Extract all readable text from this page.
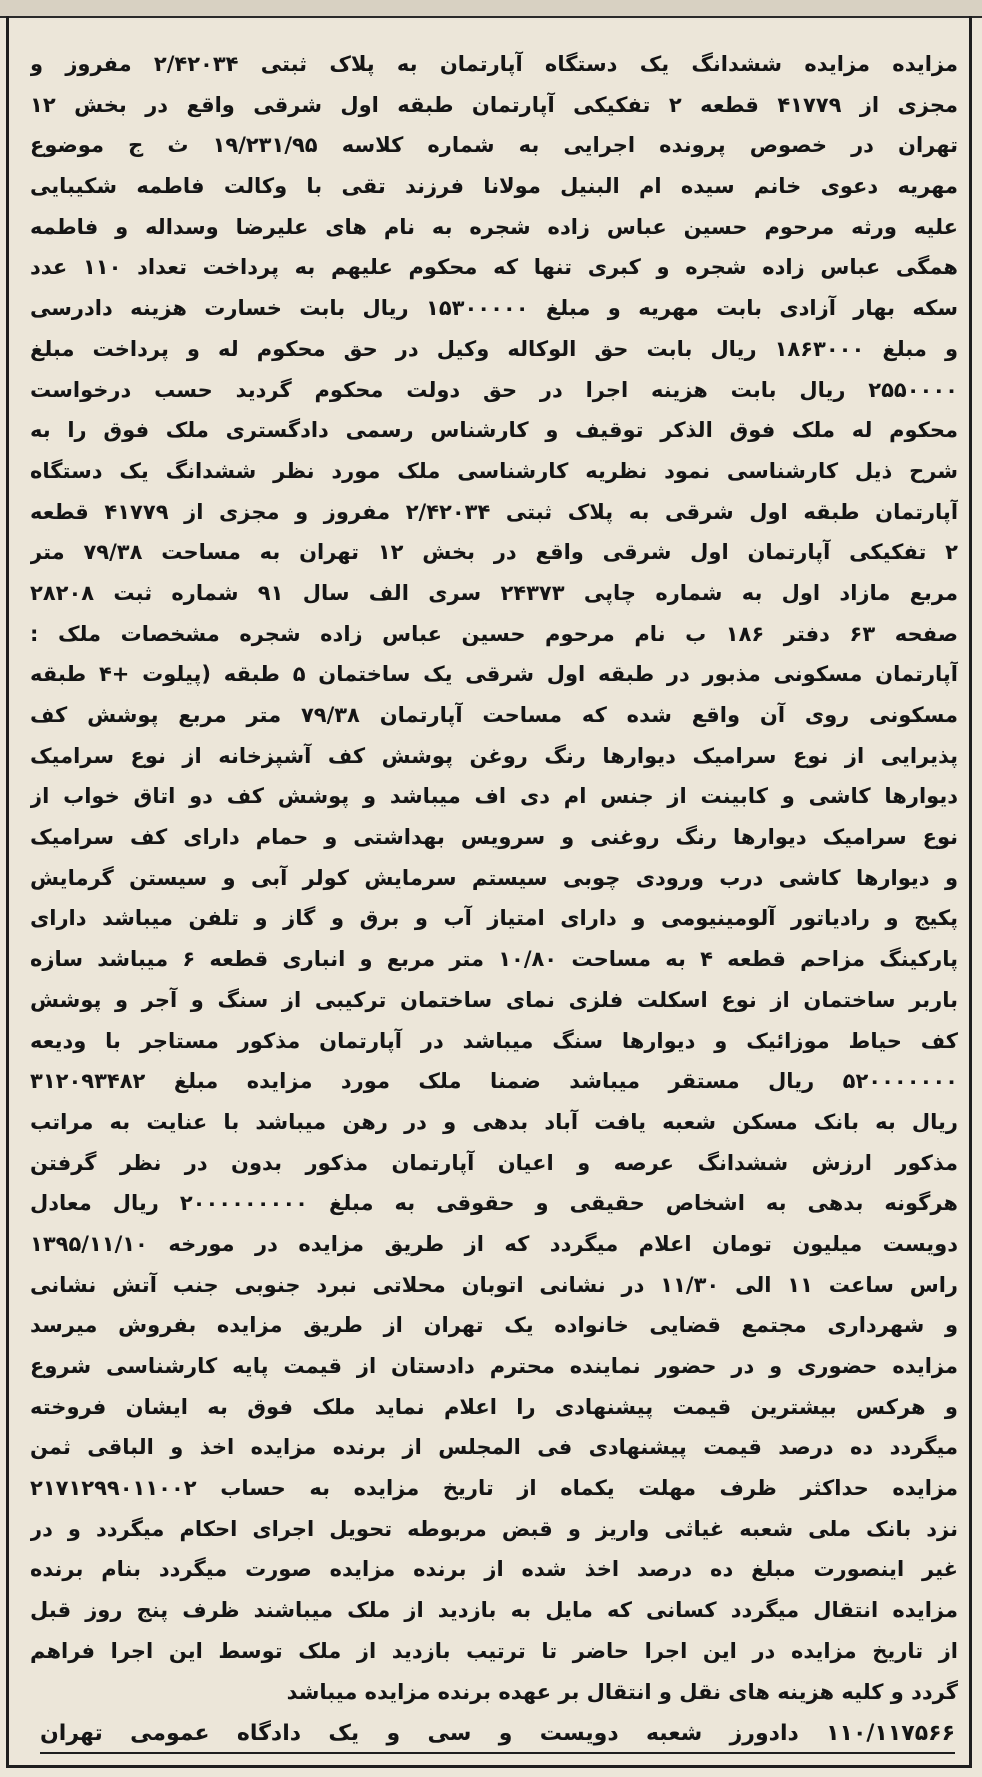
مزایده مزایده ششدانگ یک دستگاه آپارتمان به پلاک ثبتی ۲/۴۲۰۳۴ مفروز و
مجزی از ۴۱۷۷۹ قطعه ۲ تفکیکی آپارتمان طبقه اول شرقی واقع در بخش ۱۲
تهران در خصوص پرونده اجرایی به شماره کلاسه ۱۹/۲۳۱/۹۵ ث ج موضوع
مهریه دعوی خانم سیده ام البنیل مولانا فرزند تقی با وکالت فاطمه شکیبایی
علیه ورثه مرحوم حسین عباس زاده شجره به نام های علیرضا وسداله و فاطمه
همگی عباس زاده شجره و کبری تنها که محکوم علیهم به پرداخت تعداد ۱۱۰ عدد
سکه بهار آزادی بابت مهریه و مبلغ ۱۵۳۰۰۰۰۰ ریال بابت خسارت هزینه دادرسی
و مبلغ ۱۸۶۳۰۰۰ ریال بابت حق الوکاله وکیل در حق محکوم له و پرداخت مبلغ
۲۵۵۰۰۰۰ ریال بابت هزینه اجرا در حق دولت محکوم گردید حسب درخواست
محکوم له ملک فوق الذکر توقیف و کارشناس رسمی دادگستری ملک فوق را به
شرح ذیل کارشناسی نمود نظریه کارشناسی ملک مورد نظر ششدانگ یک دستگاه
آپارتمان طبقه اول شرقی به پلاک ثبتی ۲/۴۲۰۳۴ مفروز و مجزی از ۴۱۷۷۹ قطعه
۲ تفکیکی آپارتمان اول شرقی واقع در بخش ۱۲ تهران به مساحت ۷۹/۳۸ متر
مربع مازاد اول به شماره چاپی ۲۴۳۷۳ سری الف سال ۹۱ شماره ثبت ۲۸۲۰۸
صفحه ۶۳ دفتر ۱۸۶ ب نام مرحوم حسین عباس زاده شجره مشخصات ملک :
آپارتمان مسکونی مذبور در طبقه اول شرقی یک ساختمان ۵ طبقه (پیلوت +۴ طبقه
مسکونی روی آن واقع شده که مساحت آپارتمان ۷۹/۳۸ متر مربع پوشش کف
پذیرایی از نوع سرامیک دیوارها رنگ روغن پوشش کف آشپزخانه از نوع سرامیک
دیوارها کاشی و کابینت از جنس ام دی اف میباشد و پوشش کف دو اتاق خواب از
نوع سرامیک دیوارها رنگ روغنی و سرویس بهداشتی و حمام دارای کف سرامیک
و دیوارها کاشی درب ورودی چوبی سیستم سرمایش کولر آبی و سیستن گرمایش
پکیج و رادیاتور آلومینیومی و دارای امتیاز آب و برق و گاز و تلفن میباشد دارای
پارکینگ مزاحم قطعه ۴ به مساحت ۱۰/۸۰ متر مربع و انباری قطعه ۶ میباشد سازه
باربر ساختمان از نوع اسکلت فلزی نمای ساختمان ترکیبی از سنگ و آجر و پوشش
کف حیاط موزائیک و دیوارها سنگ میباشد در آپارتمان مذکور مستاجر با ودیعه
۵۲۰۰۰۰۰۰۰ ریال مستقر میباشد ضمنا ملک مورد مزایده مبلغ ۳۱۲۰۹۳۴۸۲
ریال به بانک مسکن شعبه یافت آباد بدهی و در رهن میباشد با عنایت به مراتب
مذکور ارزش ششدانگ عرصه و اعیان آپارتمان مذکور بدون در نظر گرفتن
هرگونه بدهی به اشخاص حقیقی و حقوقی به مبلغ ۲۰۰۰۰۰۰۰۰۰ ریال معادل
دویست میلیون تومان اعلام میگردد که از طریق مزایده در مورخه ۱۳۹۵/۱۱/۱۰
راس ساعت ۱۱ الی ۱۱/۳۰ در نشانی اتوبان محلاتی نبرد جنوبی جنب آتش نشانی
و شهرداری مجتمع قضایی خانواده یک تهران از طریق مزایده بفروش میرسد
مزایده حضوری و در حضور نماینده محترم دادستان از قیمت پایه کارشناسی شروع
و هرکس بیشترین قیمت پیشنهادی را اعلام نماید ملک فوق به ایشان فروخته
میگردد ده درصد قیمت پیشنهادی فی المجلس از برنده مزایده اخذ و الباقی ثمن
مزایده حداکثر ظرف مهلت یکماه از تاریخ مزایده به حساب ۲۱۷۱۲۹۹۰۱۱۰۰۲
نزد بانک ملی شعبه غیاثی واریز و قبض مربوطه تحویل اجرای احکام میگردد و در
غیر اینصورت مبلغ ده درصد اخذ شده از برنده مزایده صورت میگردد بنام برنده
مزایده انتقال میگردد کسانی که مایل به بازدید از ملک میباشند ظرف پنج روز قبل
از تاریخ مزایده در این اجرا حاضر تا ترتیب بازدید از ملک توسط این اجرا فراهم
گردد و کلیه هزینه های نقل و انتقال بر عهده برنده مزایده میباشد
۱۱۰/۱۱۷۵۶۶ دادورز شعبه دویست و سی و یک دادگاه عمومی تهران
